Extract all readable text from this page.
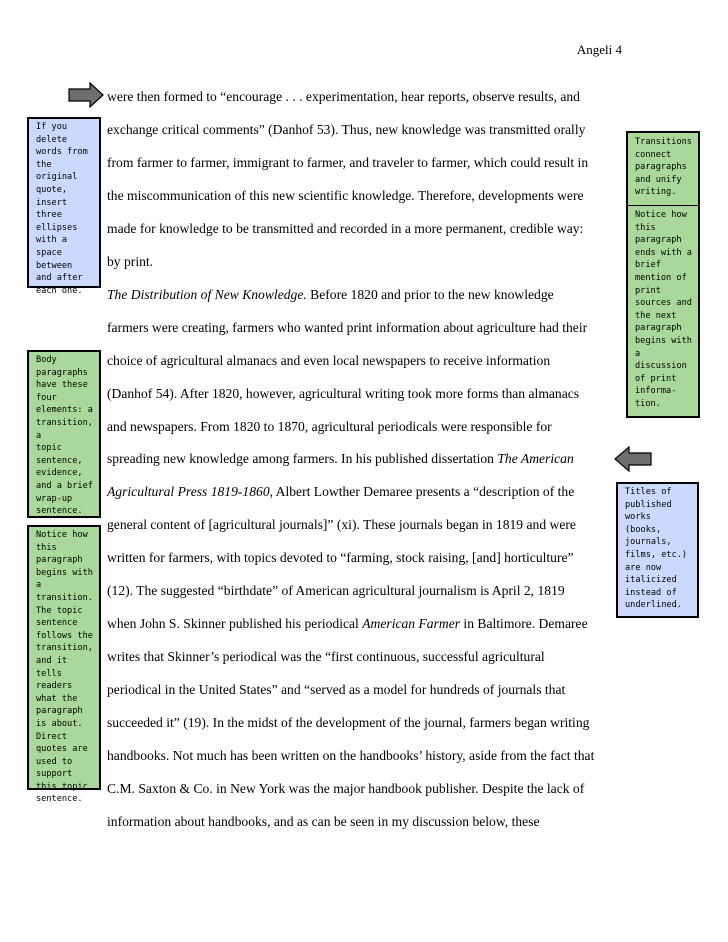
Angeli 4
were then formed to “encourage . . . experimentation, hear reports, observe results, and
exchange critical comments” (Danhof 53). Thus, new knowledge was transmitted orally
from farmer to farmer, immigrant to farmer, and traveler to farmer, which could result in
the miscommunication of this new scientific knowledge. Therefore, developments were
made for knowledge to be transmitted and recorded in a more permanent, credible way:
by print.
The Distribution of New Knowledge. Before 1820 and prior to the new knowledge
farmers were creating, farmers who wanted print information about agriculture had their
choice of agricultural almanacs and even local newspapers to receive information
(Danhof 54). After 1820, however, agricultural writing took more forms than almanacs
and newspapers. From 1820 to 1870, agricultural periodicals were responsible for
spreading new knowledge among farmers. In his published dissertation The American
Agricultural Press 1819-1860, Albert Lowther Demaree presents a “description of the
general content of [agricultural journals]” (xi). These journals began in 1819 and were
written for farmers, with topics devoted to “farming, stock raising, [and] horticulture”
(12). The suggested “birthdate” of American agricultural journalism is April 2, 1819
when John S. Skinner published his periodical American Farmer in Baltimore. Demaree
writes that Skinner’s periodical was the “first continuous, successful agricultural
periodical in the United States” and “served as a model for hundreds of journals that
succeeded it” (19). In the midst of the development of the journal, farmers began writing
handbooks. Not much has been written on the handbooks’ history, aside from the fact that
C.M. Saxton & Co. in New York was the major handbook publisher. Despite the lack of
information about handbooks, and as can be seen in my discussion below, these
If you
delete
words from
the original
quote,
insert three
ellipses
with a
space
between
and after
each one.
Body
paragraphs
have these
four
elements: a
transition, a
topic
sentence,
evidence,
and a brief
wrap-up
sentence.
Notice how
this
paragraph
begins with
a transition.
The topic
sentence
follows the
transition,
and it tells
readers
what the
paragraph
is about.
Direct
quotes are
used to
support
this topic
sentence.
Transitions
connect
paragraphs
and unify
writing.
Notice how
this
paragraph
ends with a
brief
mention of
print
sources and
the next
paragraph
begins with
a
discussion
of print
informa-
tion.
Titles of
published
works
(books,
journals,
films, etc.)
are now
italicized
instead of
underlined.
